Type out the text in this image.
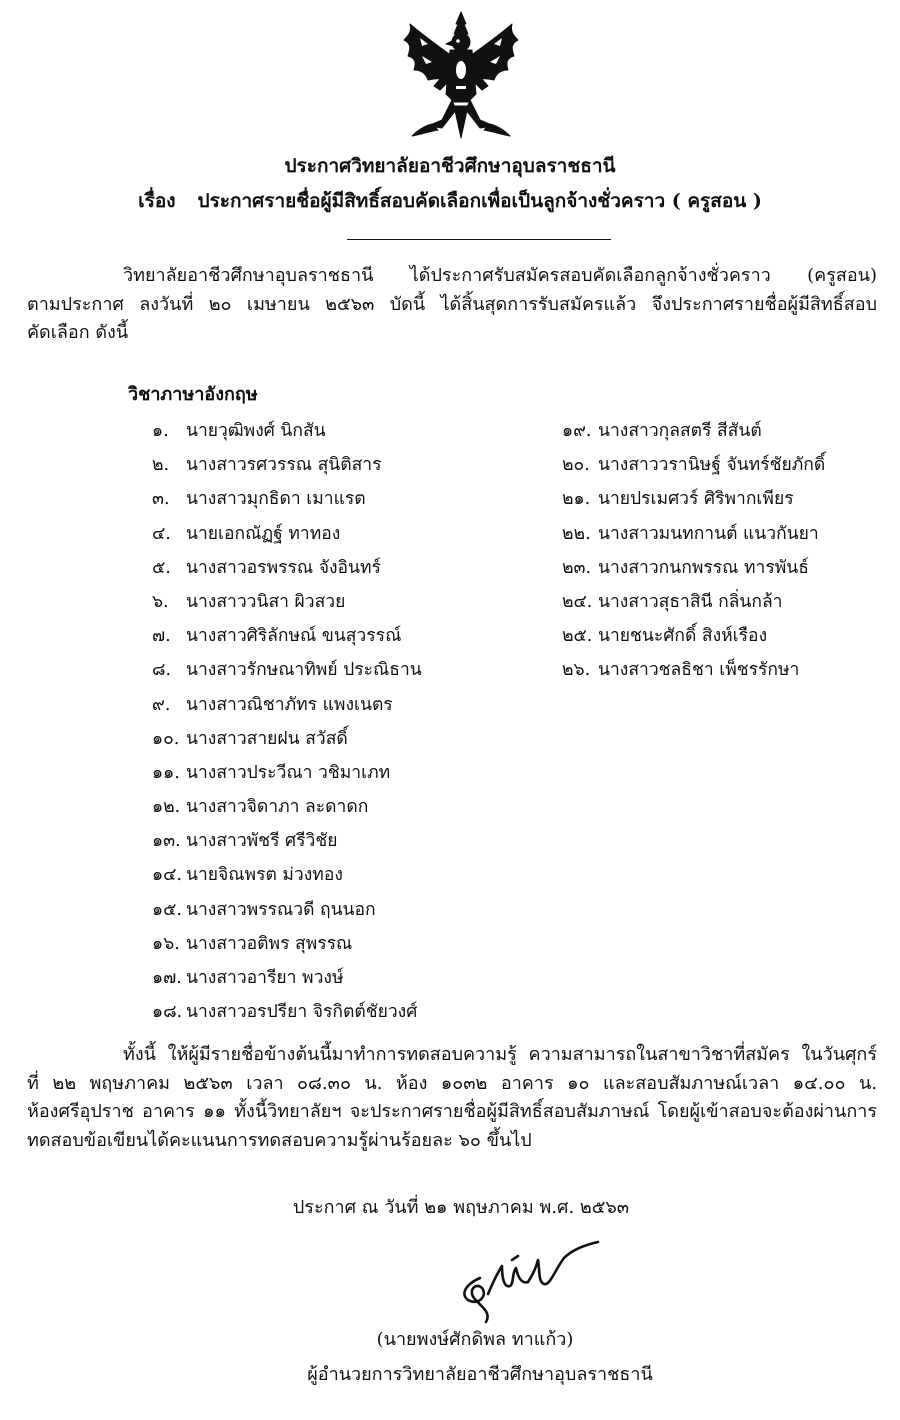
ประกาศวิทยาลัยอาชีวศึกษาอุบลราชธานี
เรื่อง ประกาศรายชื่อผู้มีสิทธิ์สอบคัดเลือกเพื่อเป็นลูกจ้างชั่วคราว ( ครูสอน )
วิทยาลัยอาชีวศึกษาอุบลราชธานี ได้ประกาศรับสมัครสอบคัดเลือกลูกจ้างชั่วคราว (ครูสอน)
ตามประกาศ ลงวันที่ ๒๐ เมษายน ๒๕๖๓ บัดนี้ ได้สิ้นสุดการรับสมัครแล้ว จึงประกาศรายชื่อผู้มีสิทธิ์สอบ
คัดเลือก ดังนี้
วิชาภาษาอังกฤษ
๑. นายวุฒิพงศ์ นิกสัน
๒. นางสาวรศวรรณ สุนิติสาร
๓. นางสาวมุกธิดา เมาแรต
๔. นายเอกณัฏฐ์ ทาทอง
๕. นางสาวอรพรรณ จังอินทร์
๖. นางสาววนิสา ผิวสวย
๗. นางสาวศิริลักษณ์ ขนสุวรรณ์
๘. นางสาวรักษณาทิพย์ ประณิธาน
๙. นางสาวณิชาภัทร แพงเนตร
๑๐. นางสาวสายฝน สวัสดิ์
๑๑. นางสาวประวีณา วชิมาเภท
๑๒. นางสาวจิดาภา ละดาดก
๑๓. นางสาวพัชรี ศรีวิชัย
๑๔. นายจิณพรต ม่วงทอง
๑๕. นางสาวพรรณวดี ฤนนอก
๑๖. นางสาวอติพร สุพรรณ
๑๗. นางสาวอารียา พวงษ์
๑๘. นางสาวอรปรียา จิรกิตต์ชัยวงศ์
๑๙. นางสาวกุลสตรี สีสันต์
๒๐. นางสาววรานิษฐ์ จันทร์ชัยภักดิ์
๒๑. นายปรเมศวร์ ศิริพากเพียร
๒๒. นางสาวมนทกานต์ แนวกันยา
๒๓. นางสาวกนกพรรณ ทารพันธ์
๒๔. นางสาวสุธาสินี กลิ่นกล้า
๒๕. นายชนะศักดิ์ สิงห์เรือง
๒๖. นางสาวชลธิชา เพ็ชรรักษา
ทั้งนี้ ให้ผู้มีรายชื่อข้างต้นนี้มาทำการทดสอบความรู้ ความสามารถในสาขาวิชาที่สมัคร ในวันศุกร์
ที่ ๒๒ พฤษภาคม ๒๕๖๓ เวลา ๐๘.๓๐ น. ห้อง ๑๐๓๒ อาคาร ๑๐ และสอบสัมภาษณ์เวลา ๑๔.๐๐ น.
ห้องศรีอุปราช อาคาร ๑๑ ทั้งนี้วิทยาลัยฯ จะประกาศรายชื่อผู้มีสิทธิ์สอบสัมภาษณ์ โดยผู้เข้าสอบจะต้องผ่านการ
ทดสอบข้อเขียนได้คะแนนการทดสอบความรู้ผ่านร้อยละ ๖๐ ขึ้นไป
ประกาศ ณ วันที่ ๒๑ พฤษภาคม พ.ศ. ๒๕๖๓
(นายพงษ์ศักดิพล ทาแก้ว)
ผู้อำนวยการวิทยาลัยอาชีวศึกษาอุบลราชธานี
